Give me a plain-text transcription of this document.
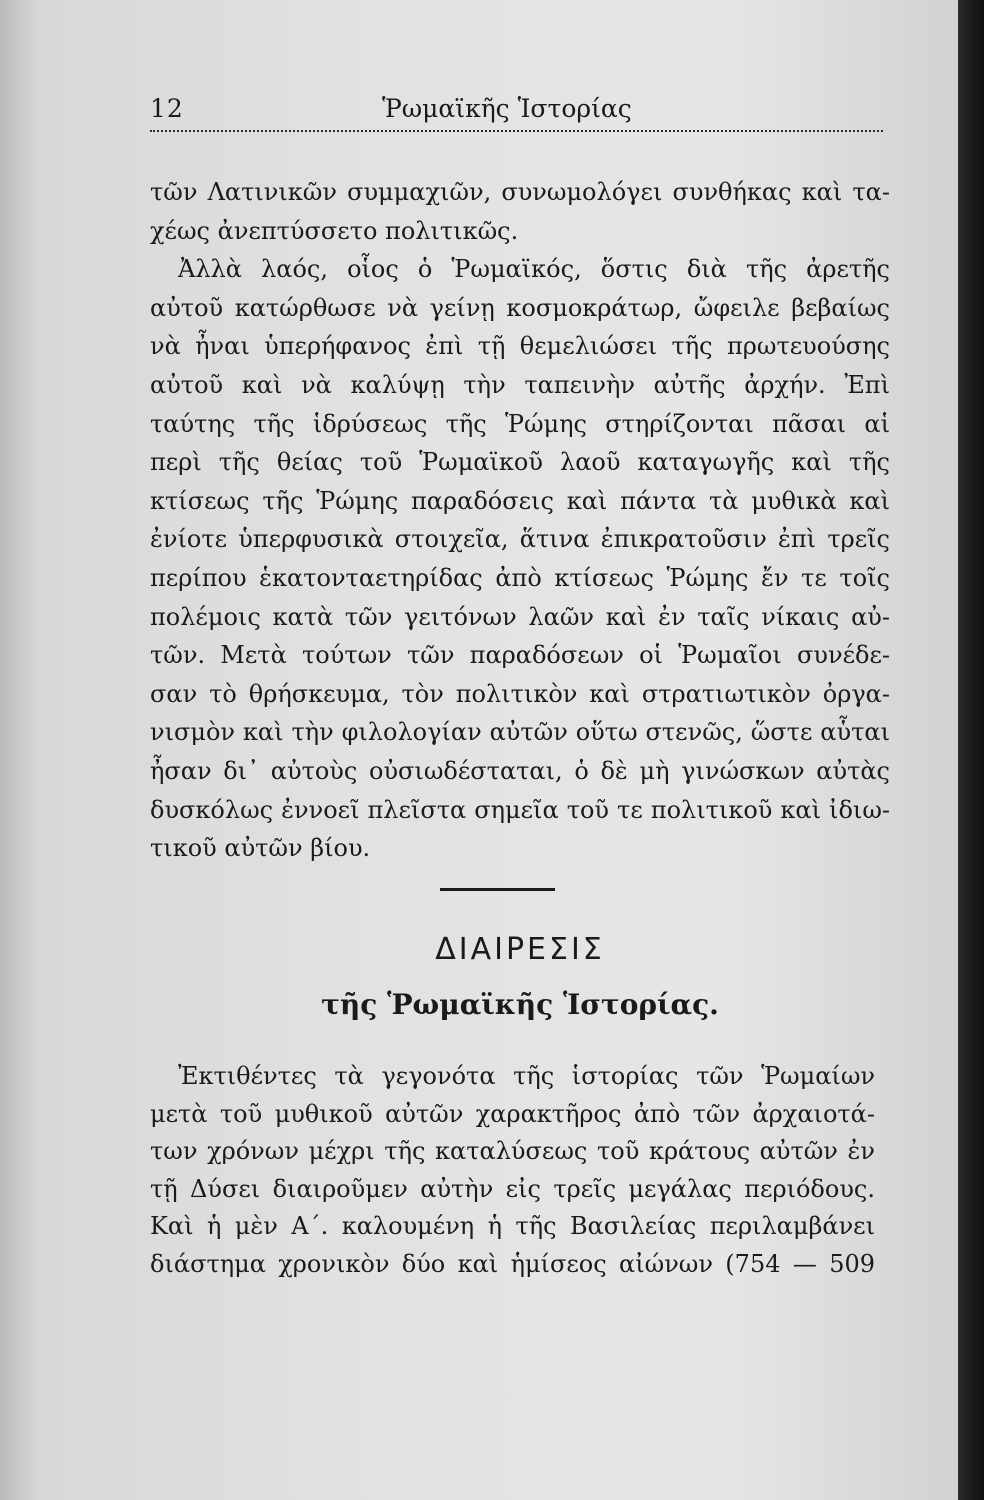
12	Ῥωμαϊκῆς Ἱστορίας
τῶν Λατινικῶν συμμαχιῶν, συνωμολόγει συνθήκας καὶ τα-
χέως ἀνεπτύσσετο πολιτικῶς.
Ἀλλὰ λαός, οἷος ὁ Ῥωμαϊκός, ὅστις διὰ τῆς ἀρετῆς
αὐτοῦ κατώρθωσε νὰ γείνῃ κοσμοκράτωρ, ὤφειλε βεβαίως
νὰ ἦναι ὑπερήφανος ἐπὶ τῇ θεμελιώσει τῆς πρωτευούσης
αὐτοῦ καὶ νὰ καλύψῃ τὴν ταπεινὴν αὐτῆς ἀρχήν. Ἐπὶ
ταύτης τῆς ἱδρύσεως τῆς Ῥώμης στηρίζονται πᾶσαι αἱ
περὶ τῆς θείας τοῦ Ῥωμαϊκοῦ λαοῦ καταγωγῆς καὶ τῆς
κτίσεως τῆς Ῥώμης παραδόσεις καὶ πάντα τὰ μυθικὰ καὶ
ἐνίοτε ὑπερφυσικὰ στοιχεῖα, ἅτινα ἐπικρατοῦσιν ἐπὶ τρεῖς
περίπου ἑκατονταετηρίδας ἀπὸ κτίσεως Ῥώμης ἔν τε τοῖς
πολέμοις κατὰ τῶν γειτόνων λαῶν καὶ ἐν ταῖς νίκαις αὐ-
τῶν. Μετὰ τούτων τῶν παραδόσεων οἱ Ῥωμαῖοι συνέδε-
σαν τὸ θρήσκευμα, τὸν πολιτικὸν καὶ στρατιωτικὸν ὀργα-
νισμὸν καὶ τὴν φιλολογίαν αὐτῶν οὕτω στενῶς, ὥστε αὗται
ἦσαν δι᾿ αὐτοὺς οὐσιωδέσταται, ὁ δὲ μὴ γινώσκων αὐτὰς
δυσκόλως ἐννοεῖ πλεῖστα σημεῖα τοῦ τε πολιτικοῦ καὶ ἰδιω-
τικοῦ αὐτῶν βίου.
ΔΙΑΙΡΕΣΙΣ
τῆς Ῥωμαϊκῆς Ἱστορίας.
Ἐκτιθέντες τὰ γεγονότα τῆς ἱστορίας τῶν Ῥωμαίων
μετὰ τοῦ μυθικοῦ αὐτῶν χαρακτῆρος ἀπὸ τῶν ἀρχαιοτά-
των χρόνων μέχρι τῆς καταλύσεως τοῦ κράτους αὐτῶν ἐν
τῇ Δύσει διαιροῦμεν αὐτὴν εἰς τρεῖς μεγάλας περιόδους.
Καὶ ἡ μὲν Α΄. καλουμένη ἡ τῆς Βασιλείας περιλαμβάνει
διάστημα χρονικὸν δύο καὶ ἡμίσεος αἰώνων (754 — 509
